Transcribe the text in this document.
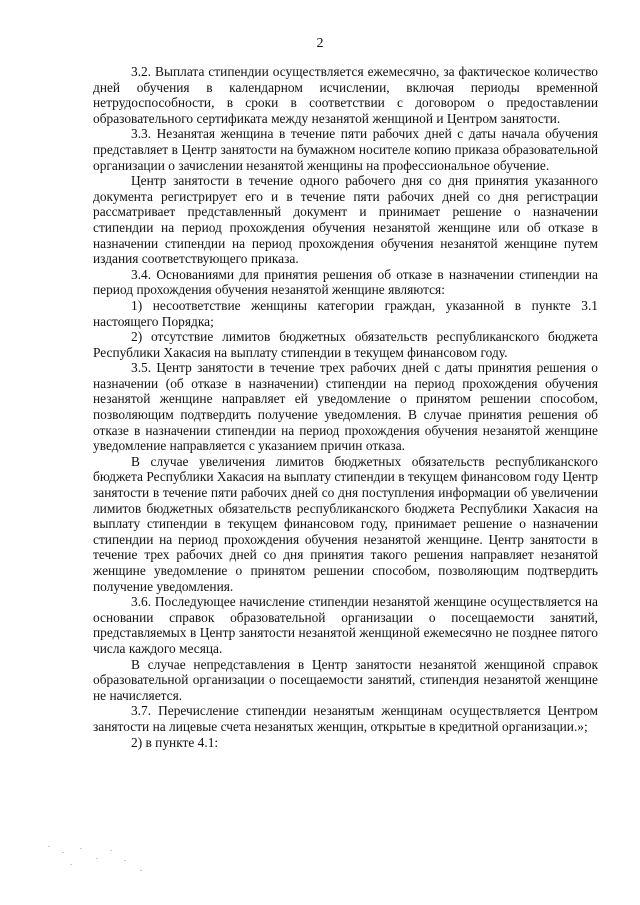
2

3.2. Выплата стипендии осуществляется ежемесячно, за фактическое количество дней обучения в календарном исчислении, включая периоды временной нетрудоспособности, в сроки в соответствии с договором о предоставлении образовательного сертификата между незанятой женщиной и Центром занятости.

3.3. Незанятая женщина в течение пяти рабочих дней с даты начала обучения представляет в Центр занятости на бумажном носителе копию приказа образовательной организации о зачислении незанятой женщины на профессиональное обучение.

Центр занятости в течение одного рабочего дня со дня принятия указанного документа регистрирует его и в течение пяти рабочих дней со дня регистрации рассматривает представленный документ и принимает решение о назначении стипендии на период прохождения обучения незанятой женщине или об отказе в назначении стипендии на период прохождения обучения незанятой женщине путем издания соответствующего приказа.

3.4. Основаниями для принятия решения об отказе в назначении стипендии на период прохождения обучения незанятой женщине являются:

1) несоответствие женщины категории граждан, указанной в пункте 3.1 настоящего Порядка;

2) отсутствие лимитов бюджетных обязательств республиканского бюджета Республики Хакасия на выплату стипендии в текущем финансовом году.

3.5. Центр занятости в течение трех рабочих дней с даты принятия решения о назначении (об отказе в назначении) стипендии на период прохождения обучения незанятой женщине направляет ей уведомление о принятом решении способом, позволяющим подтвердить получение уведомления. В случае принятия решения об отказе в назначении стипендии на период прохождения обучения незанятой женщине уведомление направляется с указанием причин отказа.

В случае увеличения лимитов бюджетных обязательств республиканского бюджета Республики Хакасия на выплату стипендии в текущем финансовом году Центр занятости в течение пяти рабочих дней со дня поступления информации об увеличении лимитов бюджетных обязательств республиканского бюджета Республики Хакасия на выплату стипендии в текущем финансовом году, принимает решение о назначении стипендии на период прохождения обучения незанятой женщине. Центр занятости в течение трех рабочих дней со дня принятия такого решения направляет незанятой женщине уведомление о принятом решении способом, позволяющим подтвердить получение уведомления.

3.6. Последующее начисление стипендии незанятой женщине осуществляется на основании справок образовательной организации о посещаемости занятий, представляемых в Центр занятости незанятой женщиной ежемесячно не позднее пятого числа каждого месяца.

В случае непредставления в Центр занятости незанятой женщиной справок образовательной организации о посещаемости занятий, стипендия незанятой женщине не начисляется.

3.7. Перечисление стипендии незанятым женщинам осуществляется Центром занятости на лицевые счета незанятых женщин, открытые в кредитной организации.»;

2) в пункте 4.1:
